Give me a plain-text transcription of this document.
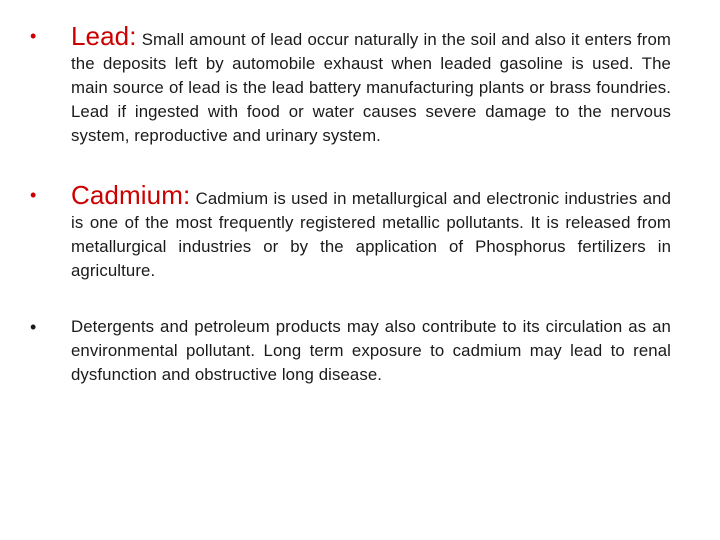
•	Lead: Small amount of lead occur naturally in the soil and also it enters from the deposits left by automobile exhaust when leaded gasoline is used. The main source of lead is the lead battery manufacturing plants or brass foundries. Lead if ingested with food or water causes severe damage to the nervous system, reproductive and urinary system.
•	Cadmium: Cadmium is used in metallurgical and electronic industries and is one of the most frequently registered metallic pollutants. It is released from metallurgical industries or by the application of Phosphorus fertilizers in agriculture.
•	Detergents and petroleum products may also contribute to its circulation as an environmental pollutant. Long term exposure to cadmium may lead to renal dysfunction and obstructive long disease.
